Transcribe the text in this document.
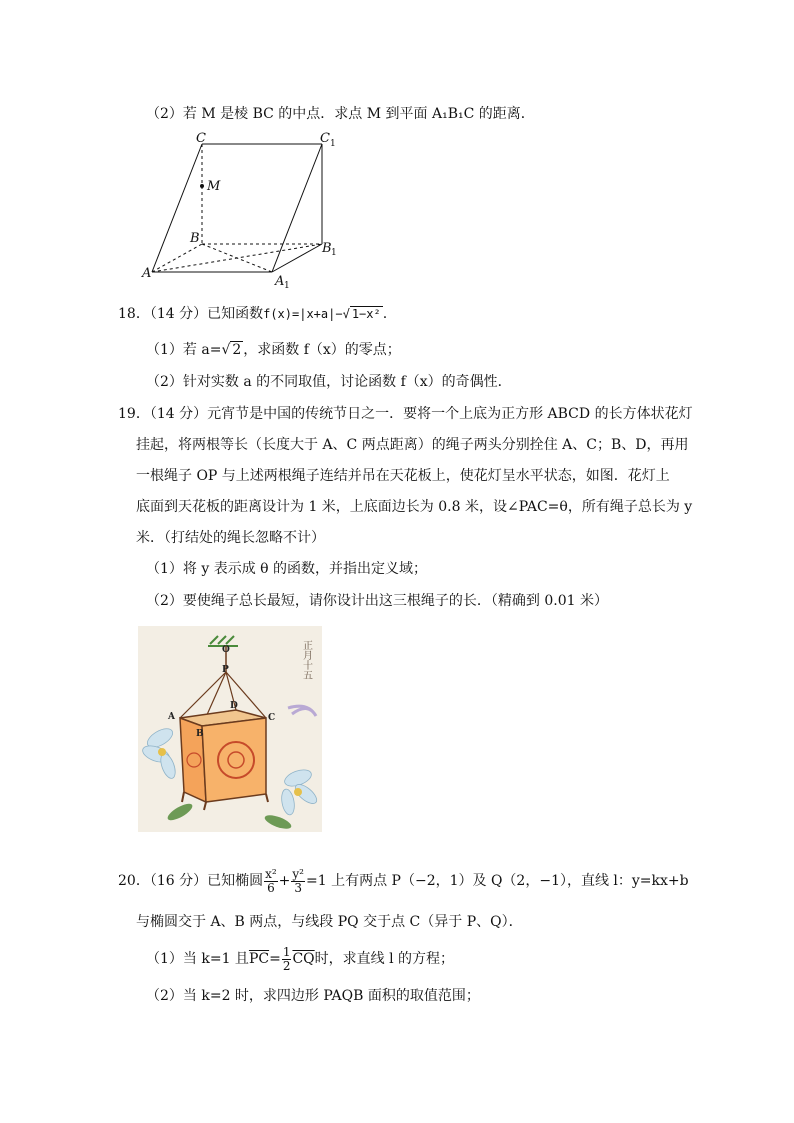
（2）若 M 是棱 BC 的中点．求点 M 到平面 A₁B₁C 的距离．
C	C 1
M
B
B 1
A
A 1
18．（14 分）已知函数f(x)=|x+a|−√ 1−x² .
（1）若 a=√ 2 ，求函数 f（x）的零点；
（2）针对实数 a 的不同取值，讨论函数 f（x）的奇偶性．
19．（14 分）元宵节是中国的传统节日之一．要将一个上底为正方形 ABCD 的长方体状花灯
挂起，将两根等长（长度大于 A、C 两点距离）的绳子两头分别拴住 A、C；B、D，再用
一根绳子 OP 与上述两根绳子连结并吊在天花板上，使花灯呈水平状态，如图．花灯上
底面到天花板的距离设计为 1 米，上底面边长为 0.8 米，设∠PAC=θ，所有绳子总长为 y
米．（打结处的绳长忽略不计）
（1）将 y 表示成 θ 的函数，并指出定义域；
（2）要使绳子总长最短，请你设计出这三根绳子的长．（精确到 0.01 米）
正月十五
O
P
A
B
C
D
20．（16 分）已知椭圆 $\frac{\text{x²}}{6} + \frac{\text{y²}}{3} =1$ 上有两点 P（−2，1）及 Q（2，−1），直线 l：y=kx+b
与椭圆交于 A、B 两点，与线段 PQ 交于点 C（异于 P、Q）．
（1）当 k=1 且$\overline{PC}= \frac{1}{2} \overline{CQ}$时，求直线 l 的方程；
（2）当 k=2 时，求四边形 PAQB 面积的取值范围；
